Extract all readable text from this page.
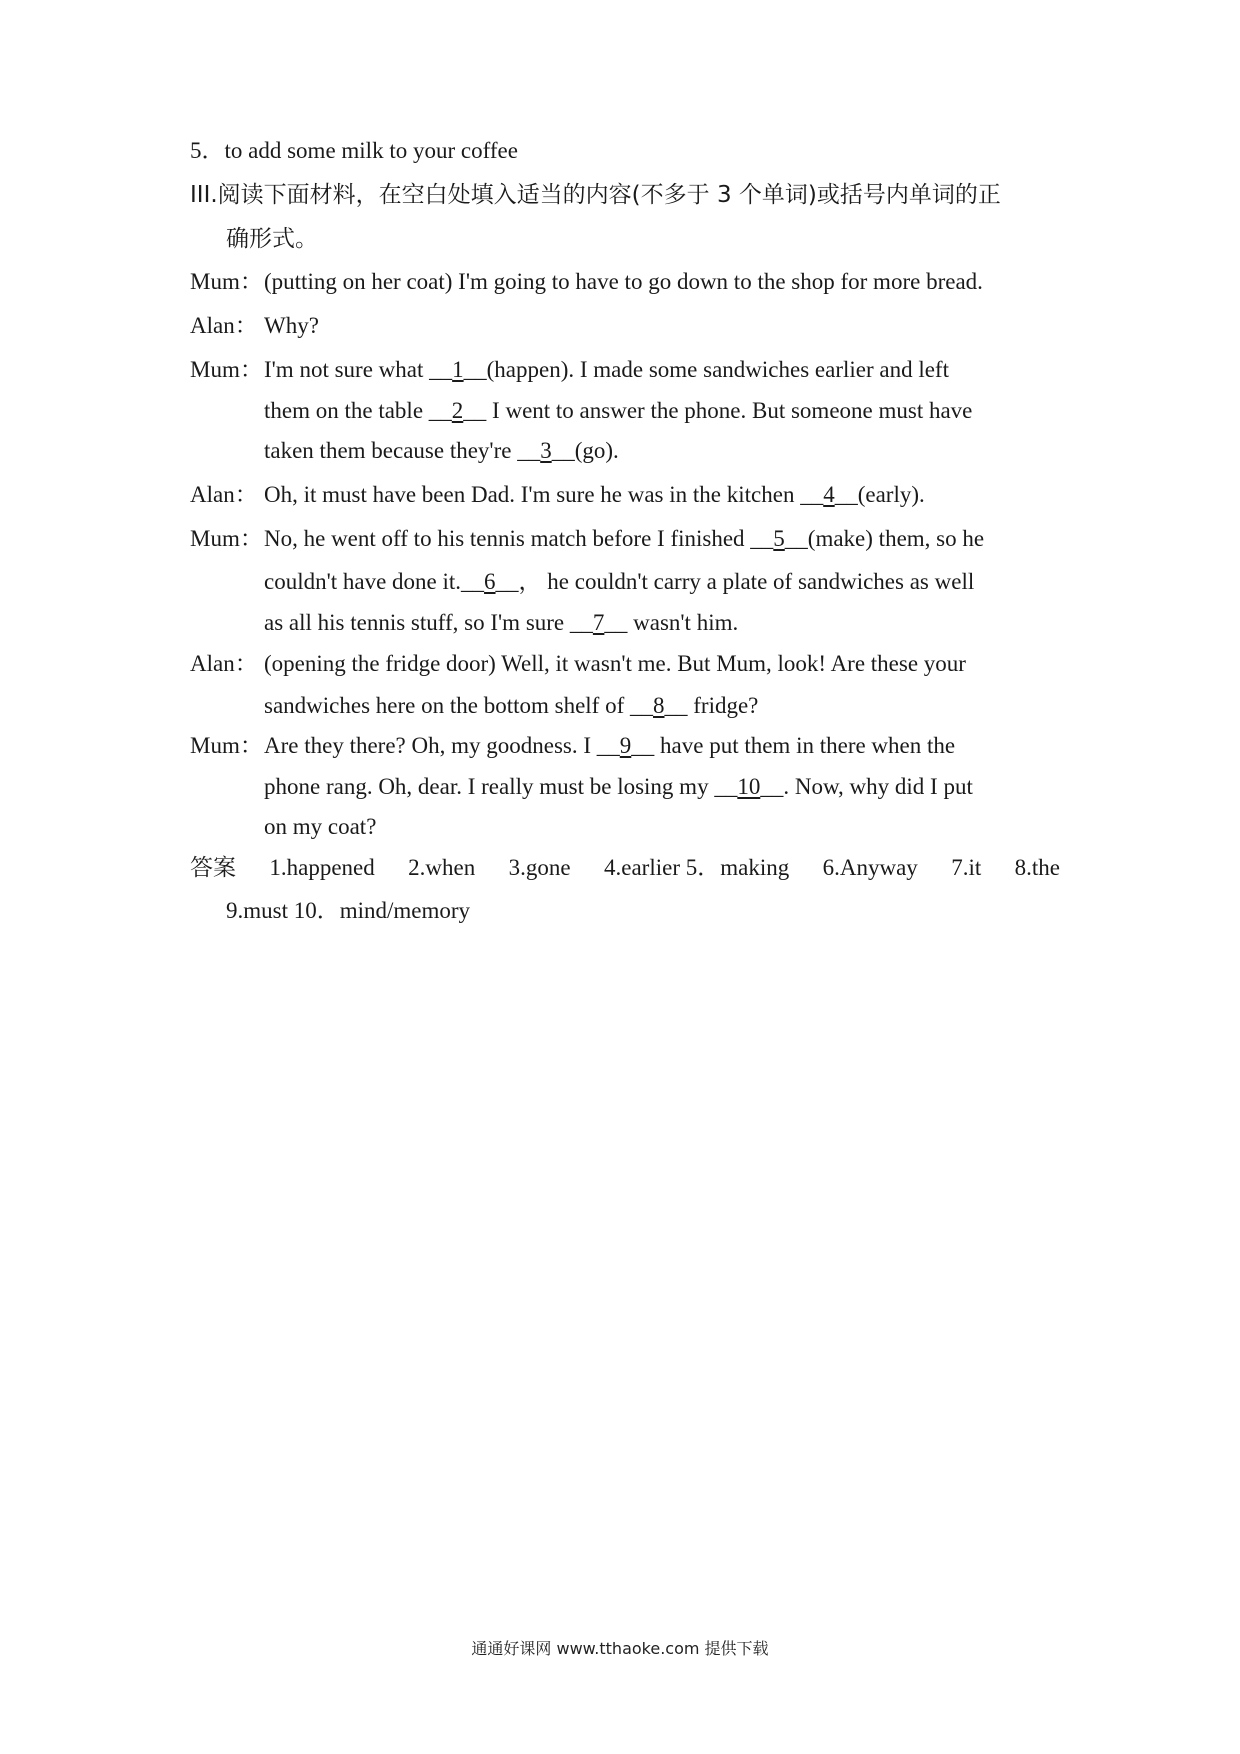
5．to add some milk to your coffee
III.阅读下面材料，在空白处填入适当的内容(不多于 3 个单词)或括号内单词的正
确形式。
Mum：(putting on her coat) I'm going to have to go down to the shop for more bread.
Alan： Why?
Mum：I'm not sure what __1__(happen). I made some sandwiches earlier and left
them on the table __2__ I went to answer the phone. But someone must have
taken them because they're __3__(go).
Alan： Oh, it must have been Dad. I'm sure he was in the kitchen __4__(early).
Mum：No, he went off to his tennis match before I finished __5__(make) them, so he
couldn't have done it.__6__， he couldn't carry a plate of sandwiches as well
as all his tennis stuff, so I'm sure __7__ wasn't him.
Alan： (opening the fridge door) Well, it wasn't me. But Mum, look! Are these your
sandwiches here on the bottom shelf of __8__ fridge?
Mum：Are they there? Oh, my goodness. I __9__ have put them in there when the
phone rang. Oh, dear. I really must be losing my __10__. Now, why did I put
on my coat?
答案 1.happened 2.when 3.gone 4.earlier 5．making 6.Anyway 7.it 8.the
9.must 10．mind/memory
通通好课网 www.tthaoke.com 提供下载
